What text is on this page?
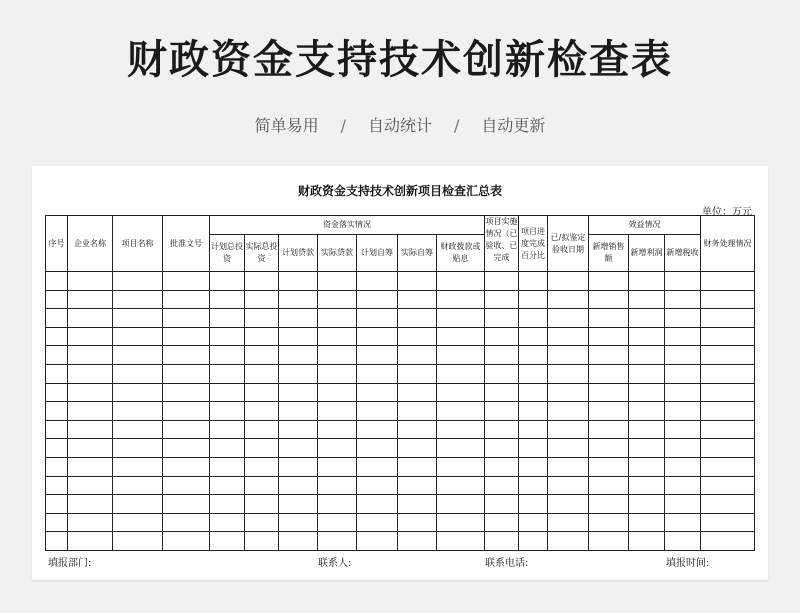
财政资金支持技术创新检查表
简单易用 / 自动统计 / 自动更新
财政资金支持技术创新项目检查汇总表
单位：万元
序号	企业名称	项目名称	批准文号	资金落实情况							项目实施情况（已验收、已完成	项目进度完成百分比	已/拟鉴定验收日期	效益情况			财务处理情况
				计划总投资	实际总投资	计划贷款	实际贷款	计划自筹	实际自筹	财政拨款或贴息				新增销售额	新增利润	新增税收	

填报部门:	联系人:	联系电话:	填报时间:
